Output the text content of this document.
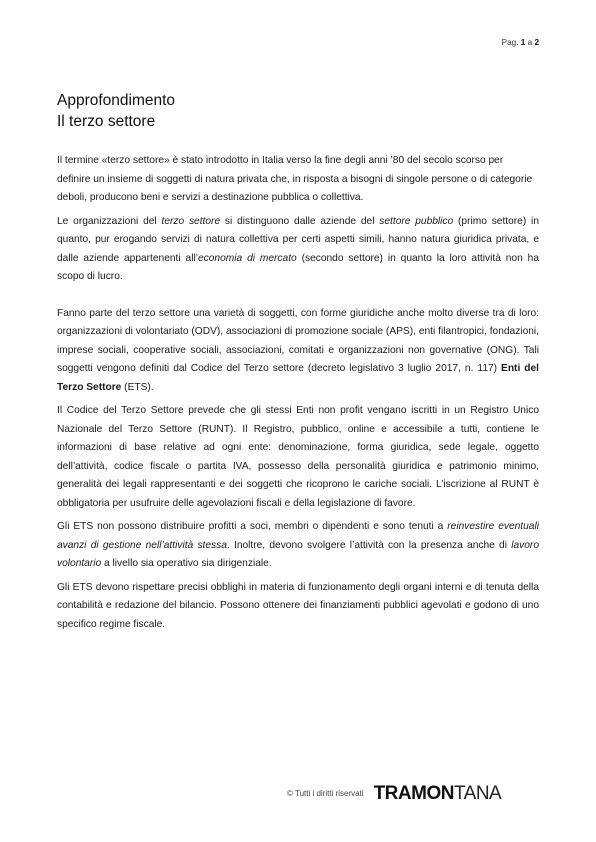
Pag. 1 a 2
Approfondimento
Il terzo settore

Il termine «terzo settore» è stato introdotto in Italia verso la fine degli anni ’80 del secolo scorso per definire un insieme di soggetti di natura privata che, in risposta a bisogni di singole persone o di categorie deboli, producono beni e servizi a destinazione pubblica o collettiva.

Le organizzazioni del terzo settore si distinguono dalle aziende del settore pubblico (primo settore) in quanto, pur erogando servizi di natura collettiva per certi aspetti simili, hanno natura giuridica privata, e dalle aziende appartenenti all’economia di mercato (secondo settore) in quanto la loro attività non ha scopo di lucro.

Fanno parte del terzo settore una varietà di soggetti, con forme giuridiche anche molto diverse tra di loro: organizzazioni di volontariato (ODV), associazioni di promozione sociale (APS), enti filantropici, fondazioni, imprese sociali, cooperative sociali, associazioni, comitati e organizzazioni non governative (ONG). Tali soggetti vengono definiti dal Codice del Terzo settore (decreto legislativo 3 luglio 2017, n. 117) Enti del Terzo Settore (ETS).

Il Codice del Terzo Settore prevede che gli stessi Enti non profit vengano iscritti in un Registro Unico Nazionale del Terzo Settore (RUNT). Il Registro, pubblico, online e accessibile a tutti, contiene le informazioni di base relative ad ogni ente: denominazione, forma giuridica, sede legale, oggetto dell’attività, codice fiscale o partita IVA, possesso della personalità giuridica e patrimonio minimo, generalità dei legali rappresentanti e dei soggetti che ricoprono le cariche sociali. L’iscrizione al RUNT è obbligatoria per usufruire delle agevolazioni fiscali e della legislazione di favore.

Gli ETS non possono distribuire profitti a soci, membri o dipendenti e sono tenuti a reinvestire eventuali avanzi di gestione nell’attività stessa. Inoltre, devono svolgere l’attività con la presenza anche di lavoro volontario a livello sia operativo sia dirigenziale.

Gli ETS devono rispettare precisi obblighi in materia di funzionamento degli organi interni e di tenuta della contabilità e redazione del bilancio. Possono ottenere dei finanziamenti pubblici agevolati e godono di uno specifico regime fiscale.

© Tutti i diritti riservati TRAMONTANA
